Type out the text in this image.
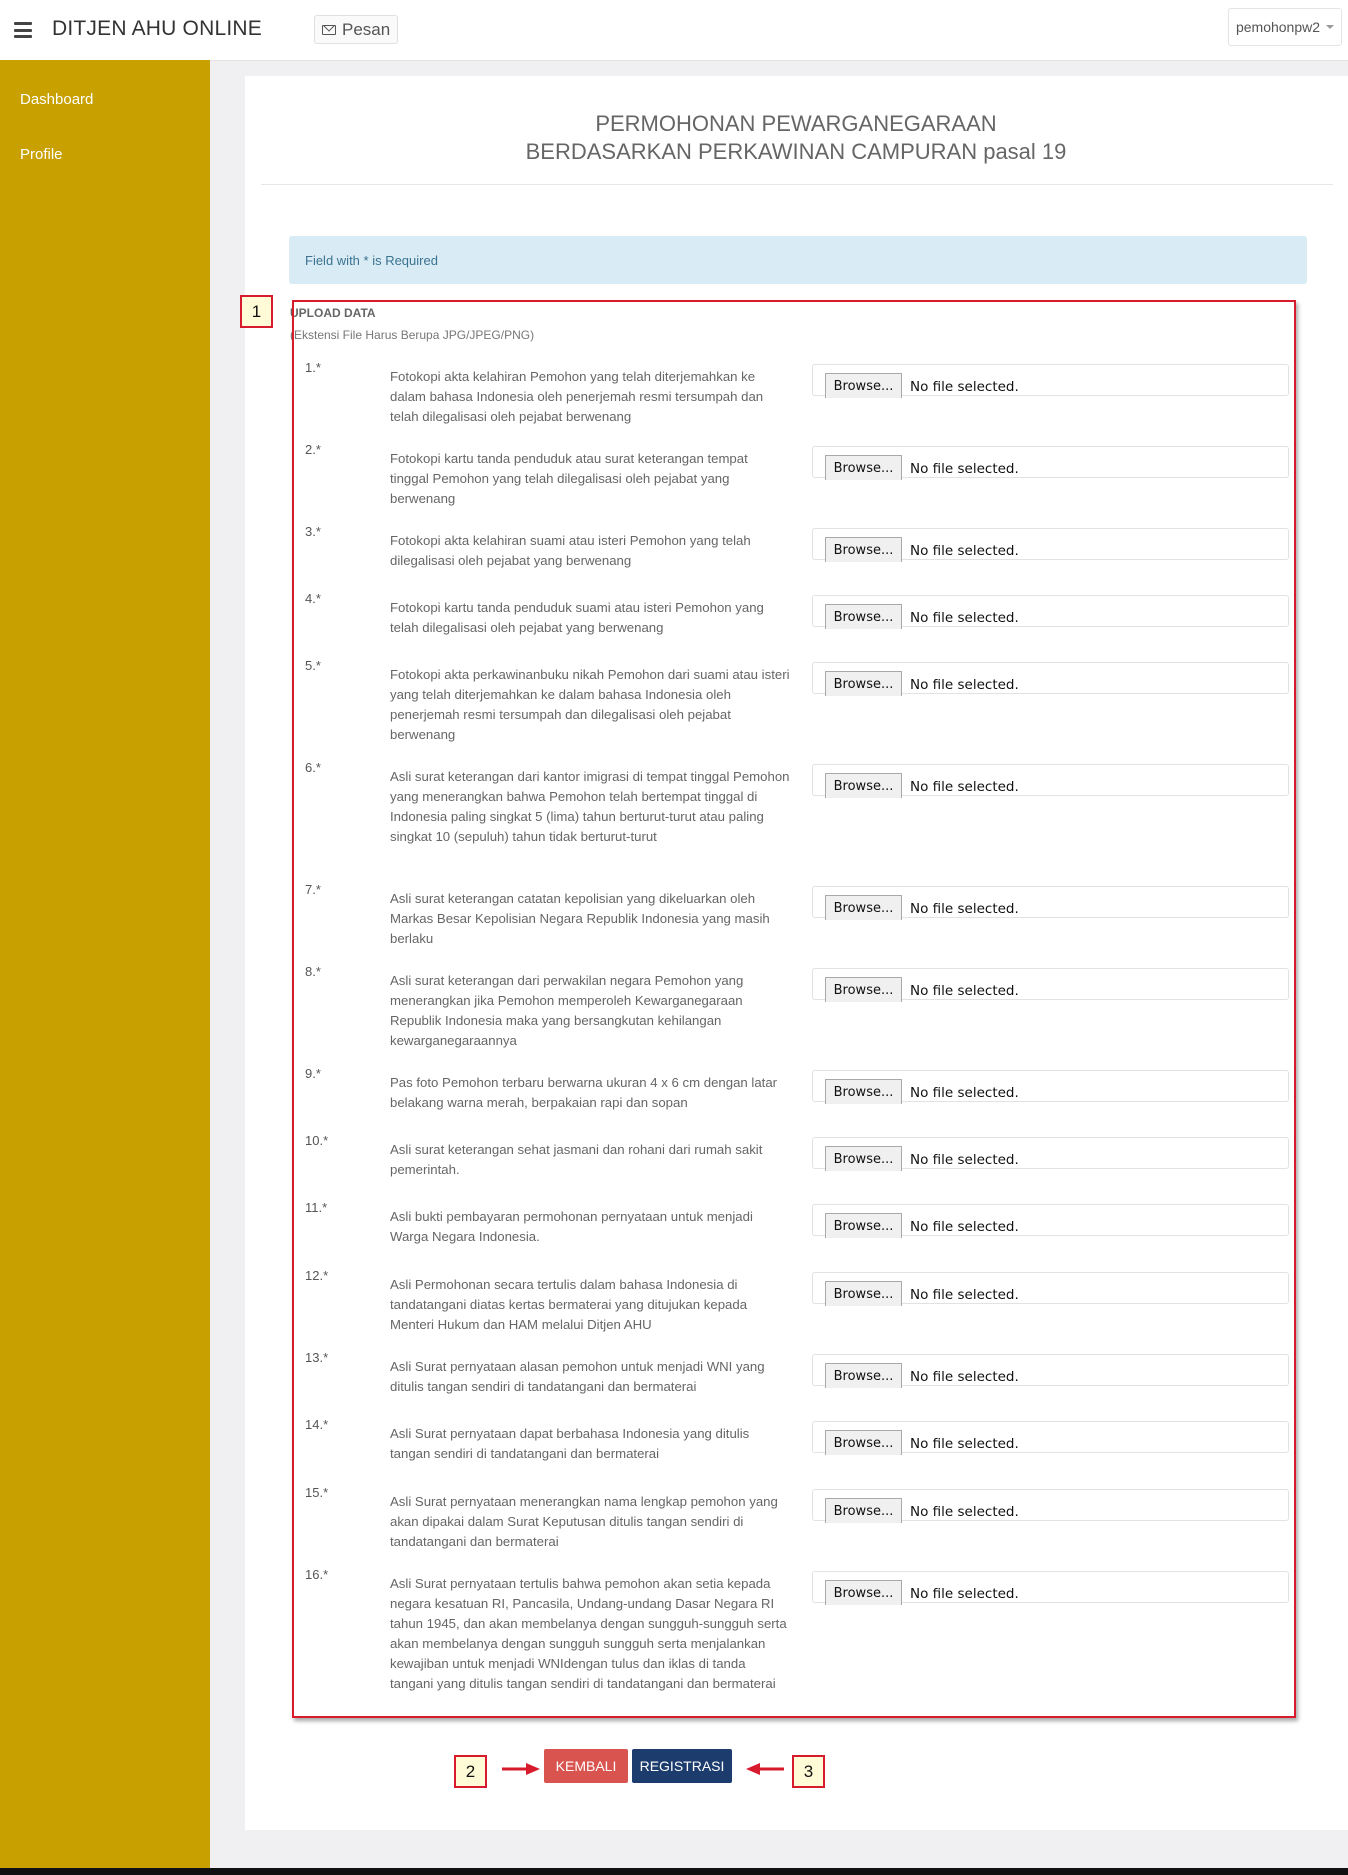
DITJEN AHU ONLINE	Pesan	pemohonpw2
Dashboard
Profile
PERMOHONAN PEWARGANEGARAAN
BERDASARKAN PERKAWINAN CAMPURAN pasal 19
Field with * is Required
UPLOAD DATA
(Ekstensi File Harus Berupa JPG/JPEG/PNG)
1.*
Fotokopi akta kelahiran Pemohon yang telah diterjemahkan ke dalam bahasa Indonesia oleh penerjemah resmi tersumpah dan telah dilegalisasi oleh pejabat berwenang
Browse...	No file selected.
2.*
Fotokopi kartu tanda penduduk atau surat keterangan tempat tinggal Pemohon yang telah dilegalisasi oleh pejabat yang berwenang
Browse...	No file selected.
3.*
Fotokopi akta kelahiran suami atau isteri Pemohon yang telah dilegalisasi oleh pejabat yang berwenang
Browse...	No file selected.
4.*
Fotokopi kartu tanda penduduk suami atau isteri Pemohon yang telah dilegalisasi oleh pejabat yang berwenang
Browse...	No file selected.
5.*
Fotokopi akta perkawinanbuku nikah Pemohon dari suami atau isteri yang telah diterjemahkan ke dalam bahasa Indonesia oleh penerjemah resmi tersumpah dan dilegalisasi oleh pejabat berwenang
Browse...	No file selected.
6.*
Asli surat keterangan dari kantor imigrasi di tempat tinggal Pemohon yang menerangkan bahwa Pemohon telah bertempat tinggal di Indonesia paling singkat 5 (lima) tahun berturut-turut atau paling singkat 10 (sepuluh) tahun tidak berturut-turut
Browse...	No file selected.
7.*
Asli surat keterangan catatan kepolisian yang dikeluarkan oleh Markas Besar Kepolisian Negara Republik Indonesia yang masih berlaku
Browse...	No file selected.
8.*
Asli surat keterangan dari perwakilan negara Pemohon yang menerangkan jika Pemohon memperoleh Kewarganegaraan Republik Indonesia maka yang bersangkutan kehilangan kewarganegaraannya
Browse...	No file selected.
9.*
Pas foto Pemohon terbaru berwarna ukuran 4 x 6 cm dengan latar belakang warna merah, berpakaian rapi dan sopan
Browse...	No file selected.
10.*
Asli surat keterangan sehat jasmani dan rohani dari rumah sakit pemerintah.
Browse...	No file selected.
11.*
Asli bukti pembayaran permohonan pernyataan untuk menjadi Warga Negara Indonesia.
Browse...	No file selected.
12.*
Asli Permohonan secara tertulis dalam bahasa Indonesia di tandatangani diatas kertas bermaterai yang ditujukan kepada Menteri Hukum dan HAM melalui Ditjen AHU
Browse...	No file selected.
13.*
Asli Surat pernyataan alasan pemohon untuk menjadi WNI yang ditulis tangan sendiri di tandatangani dan bermaterai
Browse...	No file selected.
14.*
Asli Surat pernyataan dapat berbahasa Indonesia yang ditulis tangan sendiri di tandatangani dan bermaterai
Browse...	No file selected.
15.*
Asli Surat pernyataan menerangkan nama lengkap pemohon yang akan dipakai dalam Surat Keputusan ditulis tangan sendiri di tandatangani dan bermaterai
Browse...	No file selected.
16.*
Asli Surat pernyataan tertulis bahwa pemohon akan setia kepada negara kesatuan RI, Pancasila, Undang-undang Dasar Negara RI tahun 1945, dan akan membelanya dengan sungguh-sungguh serta akan membelanya dengan sungguh sungguh serta menjalankan kewajiban untuk menjadi WNIdengan tulus dan iklas di tanda tangani yang ditulis tangan sendiri di tandatangani dan bermaterai
Browse...	No file selected.
1
2	3
KEMBALI	REGISTRASI
